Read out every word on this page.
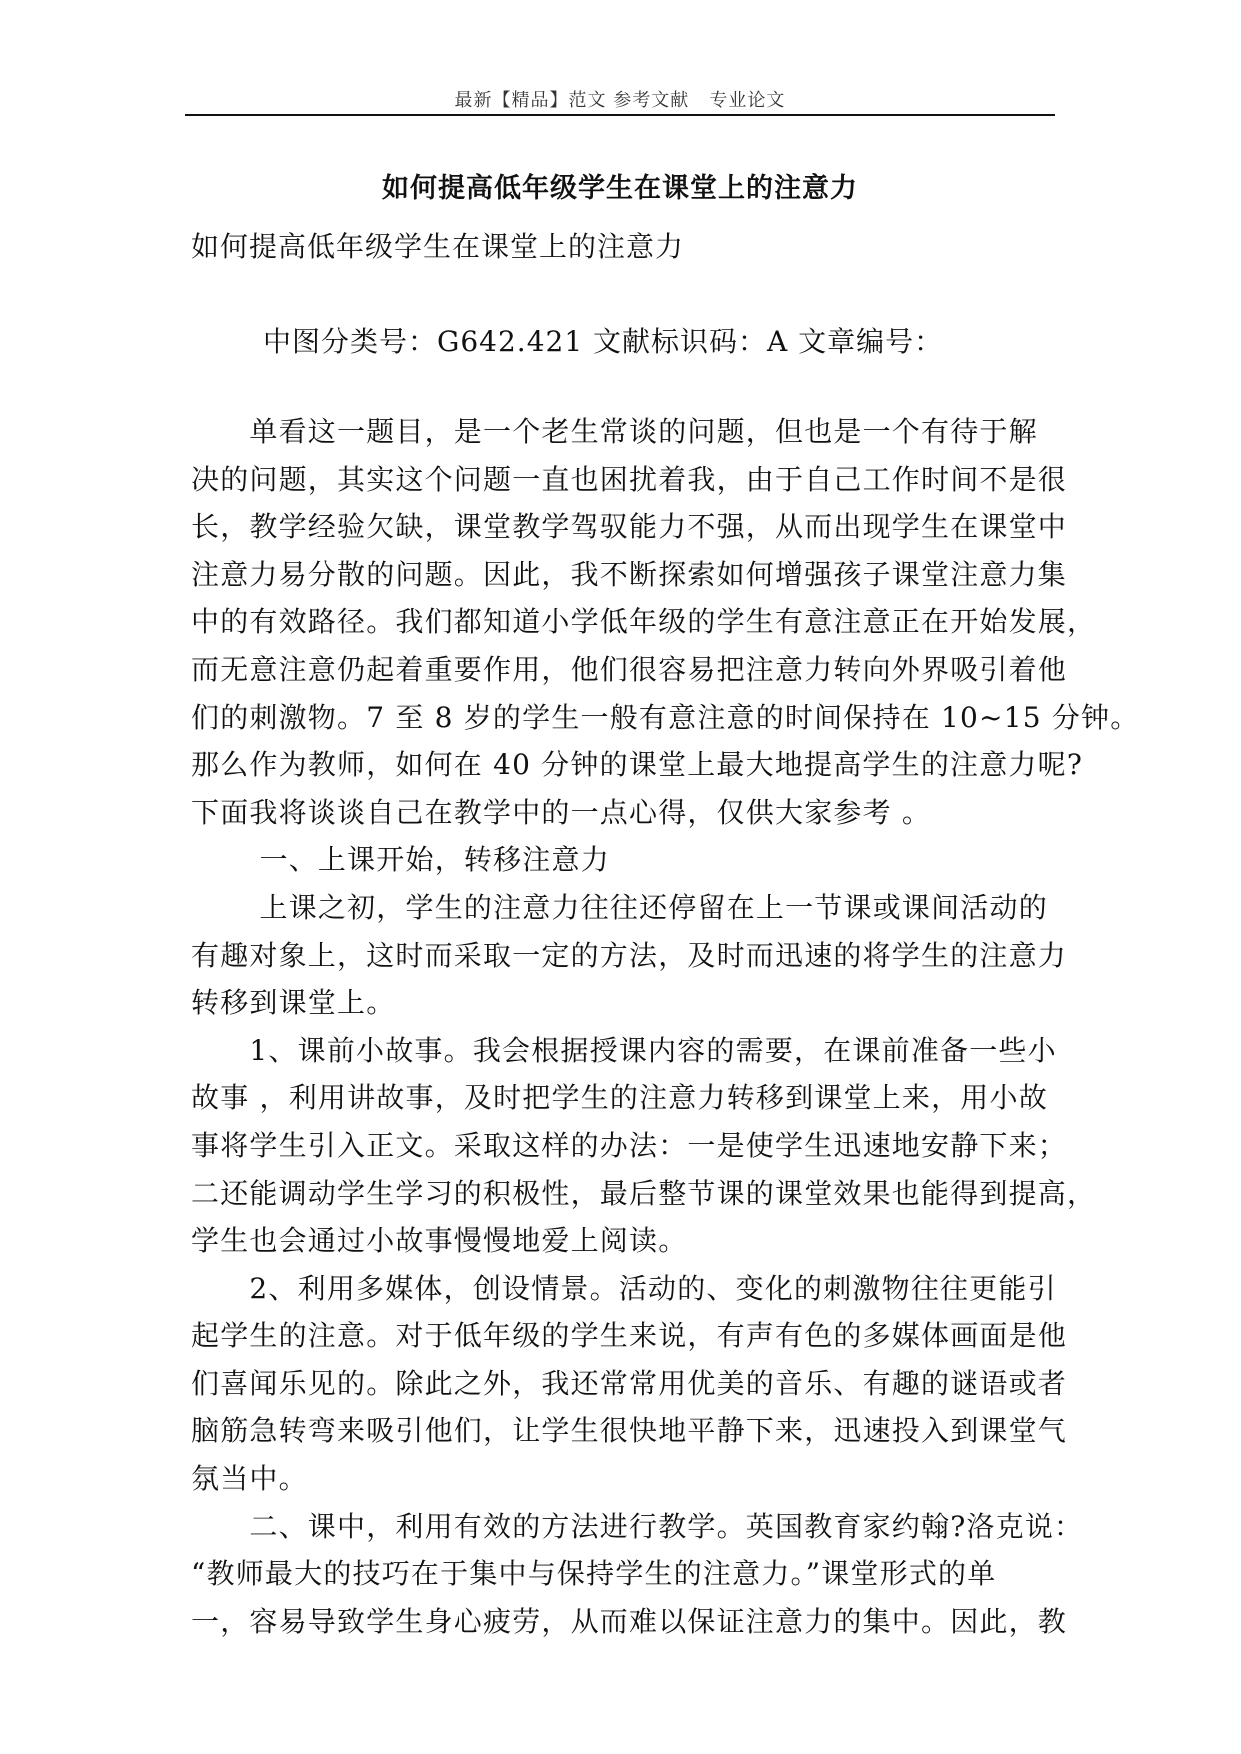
最新【精品】范文 参考文献   专业论文
如何提高低年级学生在课堂上的注意力
如何提高低年级学生在课堂上的注意力
中图分类号：G642.421 文献标识码：A 文章编号：
　　单看这一题目，是一个老生常谈的问题，但也是一个有待于解
决的问题，其实这个问题一直也困扰着我，由于自己工作时间不是很
长，教学经验欠缺，课堂教学驾驭能力不强，从而出现学生在课堂中
注意力易分散的问题。因此，我不断探索如何增强孩子课堂注意力集
中的有效路径。我们都知道小学低年级的学生有意注意正在开始发展，
而无意注意仍起着重要作用，他们很容易把注意力转向外界吸引着他
们的刺激物。7 至 8 岁的学生一般有意注意的时间保持在 10~15 分钟。
那么作为教师，如何在 40 分钟的课堂上最大地提高学生的注意力呢?
下面我将谈谈自己在教学中的一点心得，仅供大家参考 。
　　 一、上课开始，转移注意力
　　 上课之初，学生的注意力往往还停留在上一节课或课间活动的
有趣对象上，这时而采取一定的方法，及时而迅速的将学生的注意力
转移到课堂上。
　　1、课前小故事。我会根据授课内容的需要，在课前准备一些小
故事 ，利用讲故事，及时把学生的注意力转移到课堂上来，用小故
事将学生引入正文。采取这样的办法：一是使学生迅速地安静下来；
二还能调动学生学习的积极性，最后整节课的课堂效果也能得到提高，
学生也会通过小故事慢慢地爱上阅读。
　　2、利用多媒体，创设情景。活动的、变化的刺激物往往更能引
起学生的注意。对于低年级的学生来说，有声有色的多媒体画面是他
们喜闻乐见的。除此之外，我还常常用优美的音乐、有趣的谜语或者
脑筋急转弯来吸引他们，让学生很快地平静下来，迅速投入到课堂气
氛当中。
　　二、课中，利用有效的方法进行教学。英国教育家约翰?洛克说：
“教师最大的技巧在于集中与保持学生的注意力。”课堂形式的单
一，容易导致学生身心疲劳，从而难以保证注意力的集中。因此，教
